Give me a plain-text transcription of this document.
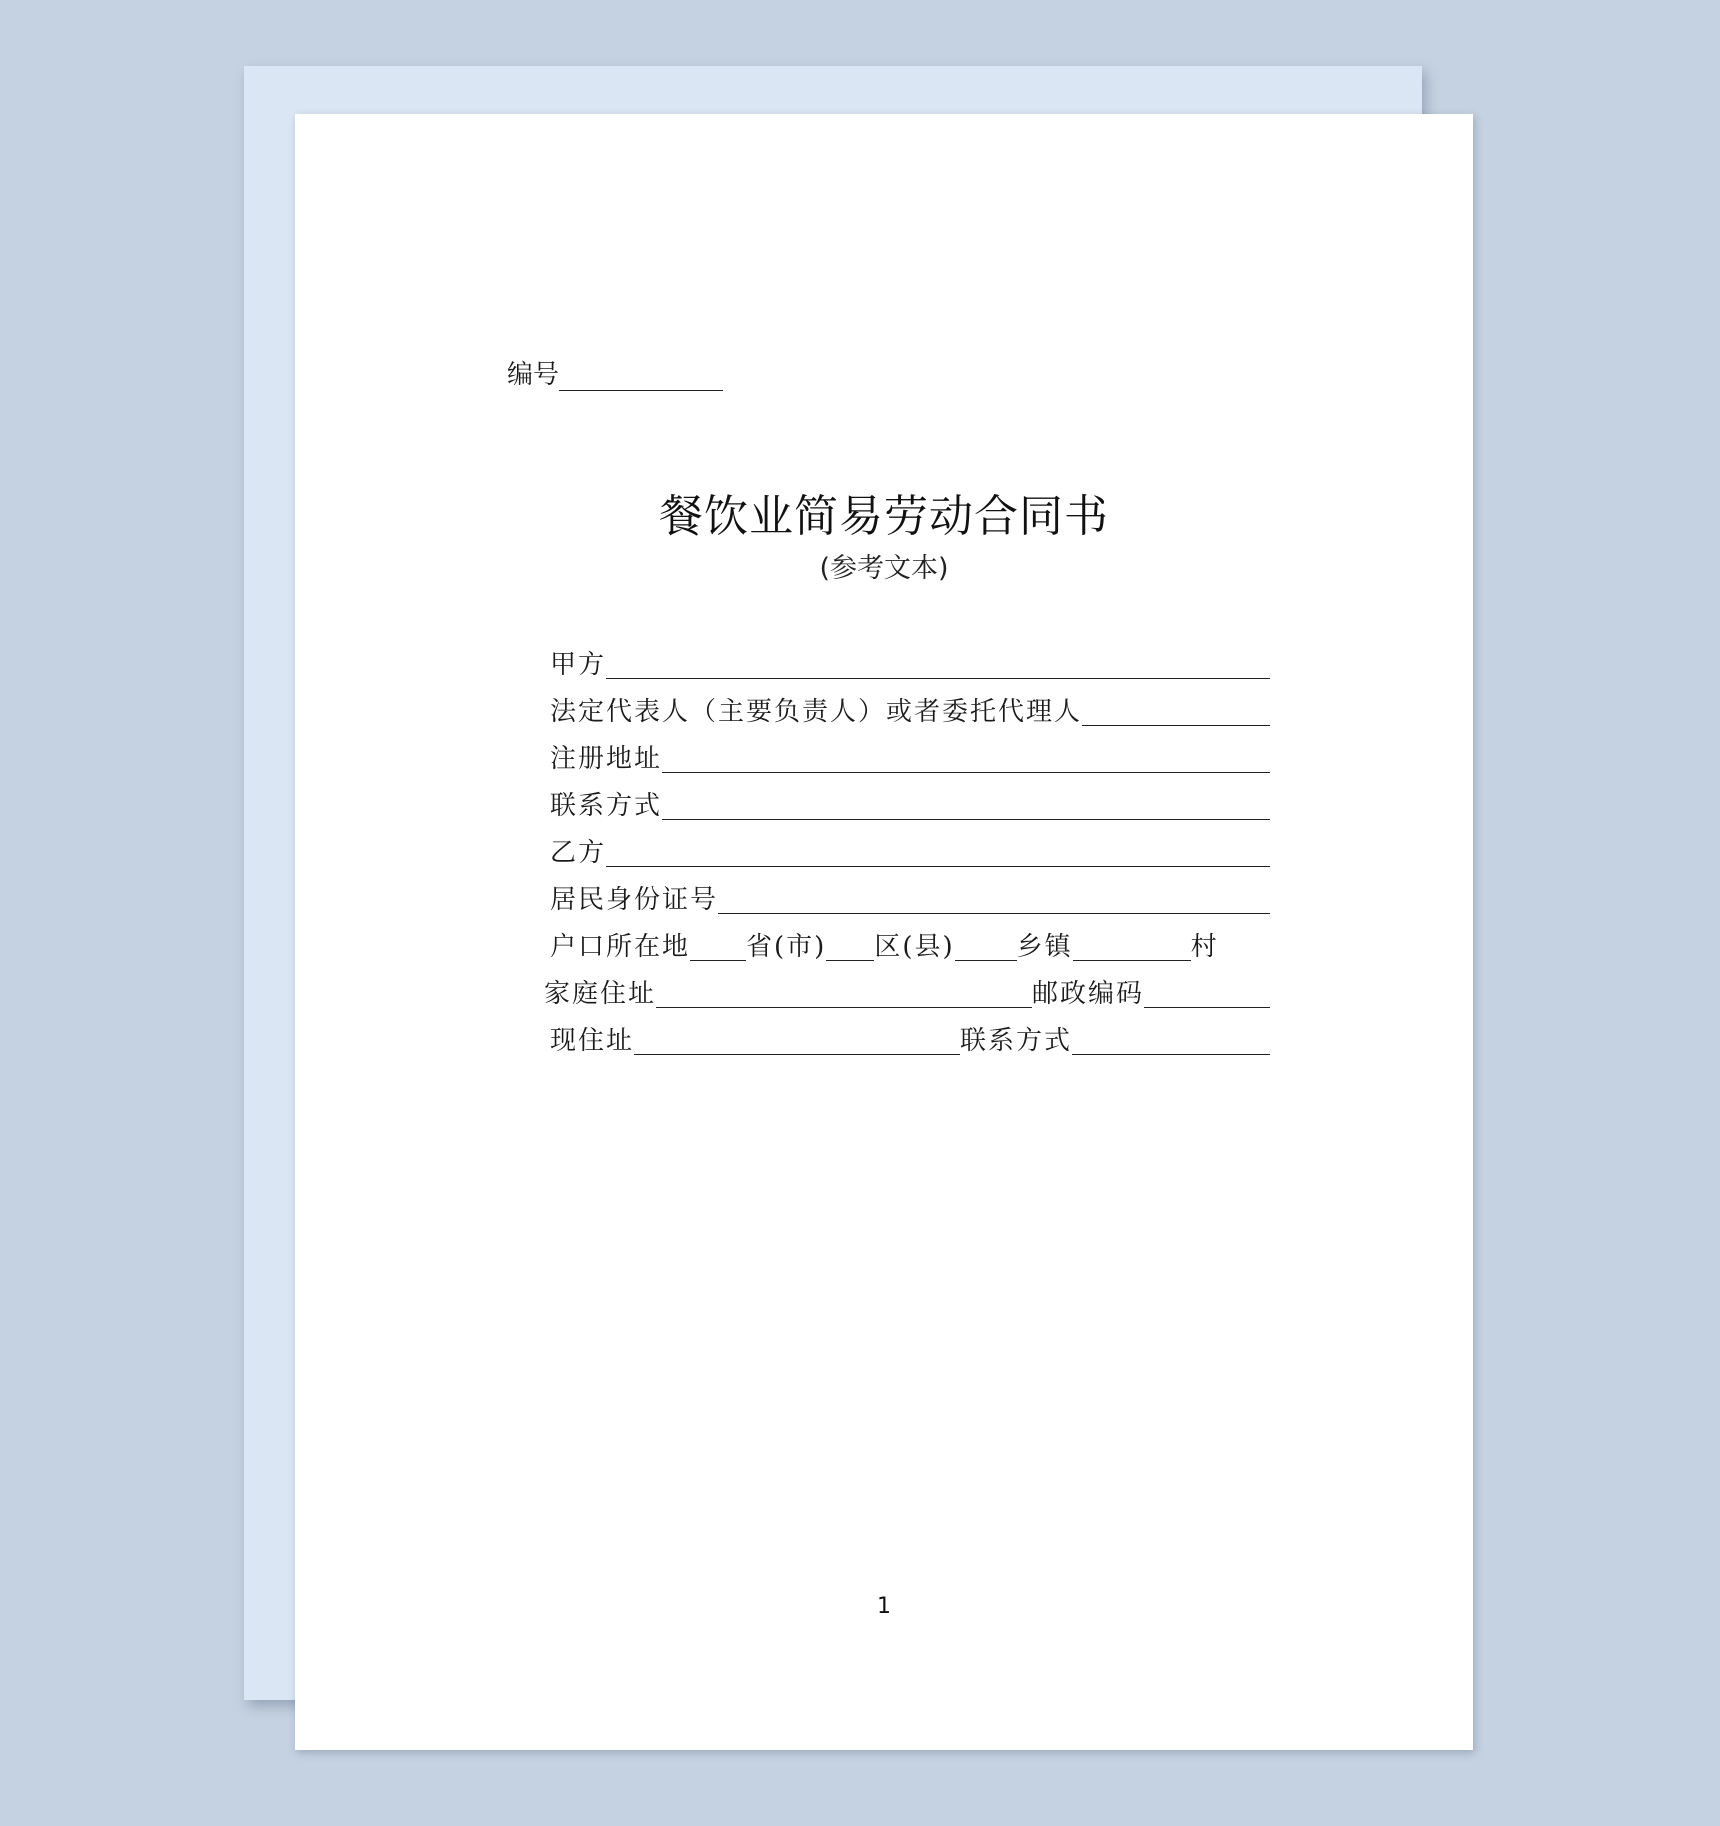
编号
餐饮业简易劳动合同书
(参考文本)
甲方
法定代表人（主要负责人）或者委托代理人
注册地址
联系方式
乙方
居民身份证号
户口所在地 省(市) 区(县) 乡镇	村
家庭住址	邮政编码
现住址	联系方式
1
